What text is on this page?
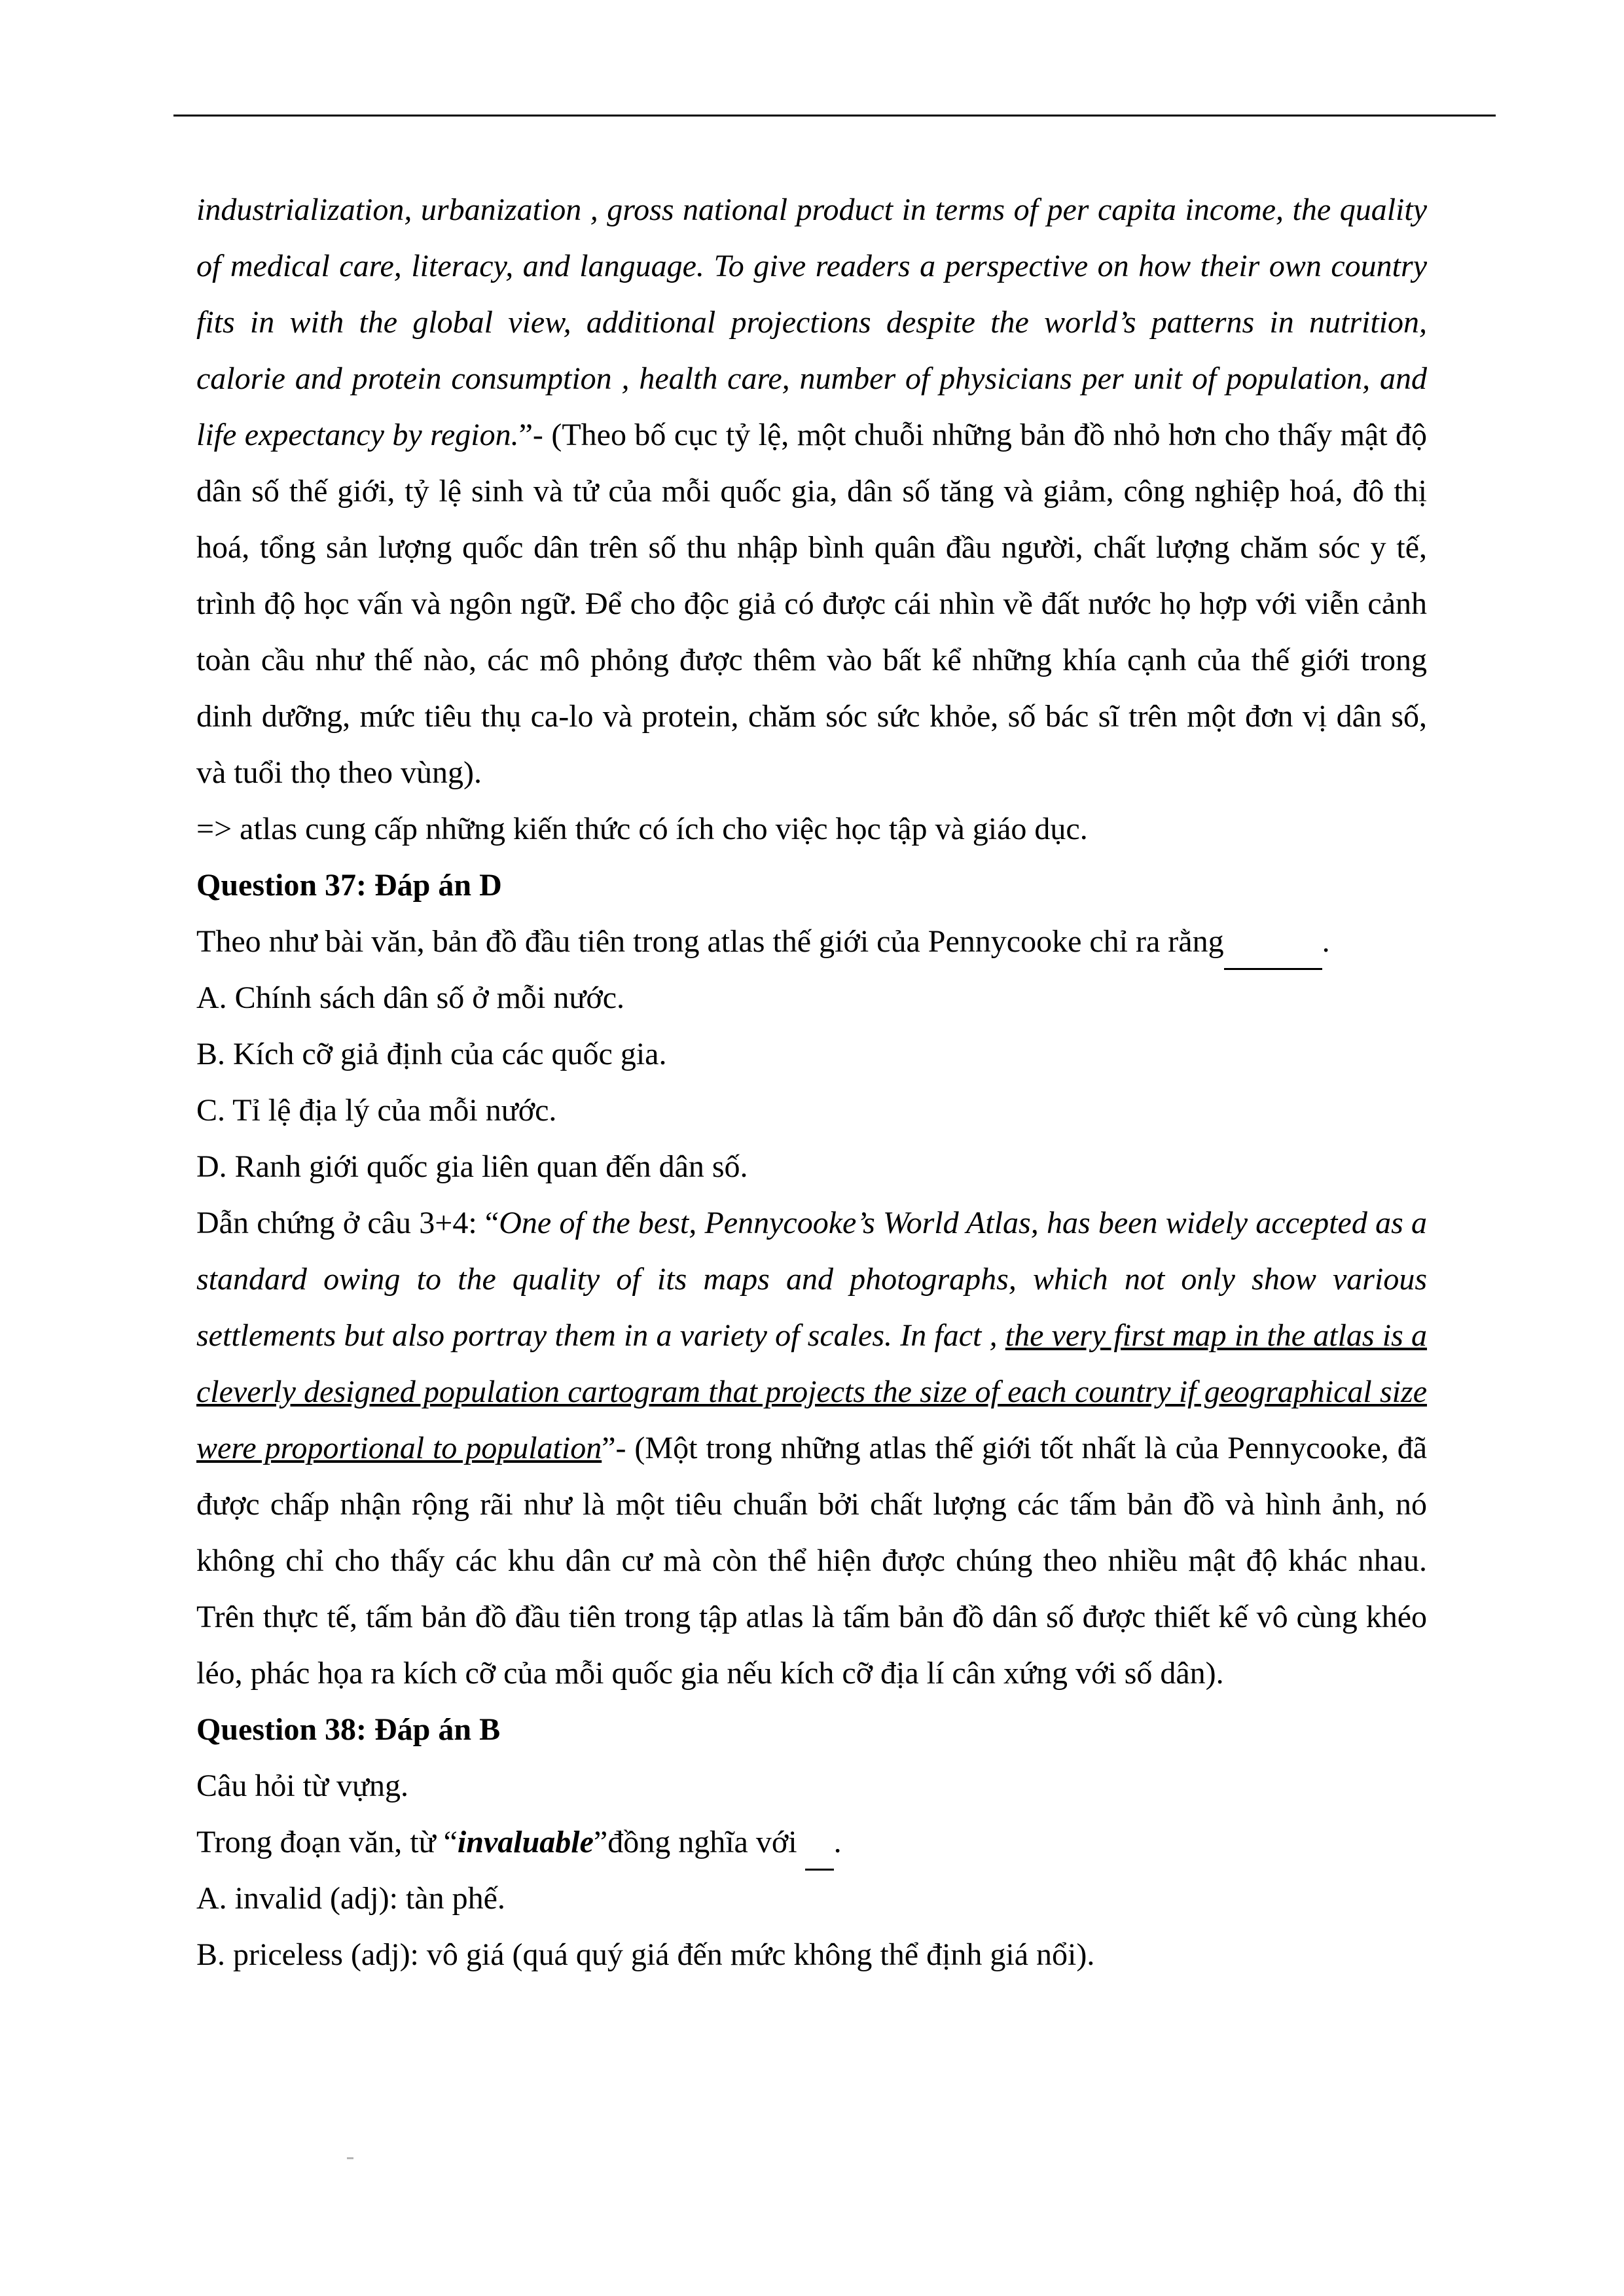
industrialization, urbanization , gross national product in terms of per capita income, the quality of medical care, literacy, and language. To give readers a perspective on how their own country fits in with the global view, additional projections despite the world’s patterns in nutrition, calorie and protein consumption , health care, number of physicians per unit of population, and life expectancy by region.”- (Theo bố cục tỷ lệ, một chuỗi những bản đồ nhỏ hơn cho thấy mật độ dân số thế giới, tỷ lệ sinh và tử của mỗi quốc gia, dân số tăng và giảm, công nghiệp hoá, đô thị hoá, tổng sản lượng quốc dân trên số thu nhập bình quân đầu người, chất lượng chăm sóc y tế, trình độ học vấn và ngôn ngữ. Để cho độc giả có được cái nhìn về đất nước họ hợp với viễn cảnh toàn cầu như thế nào, các mô phỏng được thêm vào bất kể những khía cạnh của thế giới trong dinh dưỡng, mức tiêu thụ ca-lo và protein, chăm sóc sức khỏe, số bác sĩ trên một đơn vị dân số, và tuổi thọ theo vùng).

=> atlas cung cấp những kiến thức có ích cho việc học tập và giáo dục.

Question 37: Đáp án D

Theo như bài văn, bản đồ đầu tiên trong atlas thế giới của Pennycooke chỉ ra rằng	.

A. Chính sách dân số ở mỗi nước.

B. Kích cỡ giả định của các quốc gia.

C. Tỉ lệ địa lý của mỗi nước.

D. Ranh giới quốc gia liên quan đến dân số.

Dẫn chứng ở câu 3+4: “One of the best, Pennycooke’s World Atlas, has been widely accepted as a standard owing to the quality of its maps and photographs, which not only show various settlements but also portray them in a variety of scales. In fact , the very first map in the atlas is a cleverly designed population cartogram that projects the size of each country if geographical size were proportional to population”- (Một trong những atlas thế giới tốt nhất là của Pennycooke, đã được chấp nhận rộng rãi như là một tiêu chuẩn bởi chất lượng các tấm bản đồ và hình ảnh, nó không chỉ cho thấy các khu dân cư mà còn thể hiện được chúng theo nhiều mật độ khác nhau. Trên thực tế, tấm bản đồ đầu tiên trong tập atlas là tấm bản đồ dân số được thiết kế vô cùng khéo léo, phác họa ra kích cỡ của mỗi quốc gia nếu kích cỡ địa lí cân xứng với số dân).

Question 38: Đáp án B

Câu hỏi từ vựng.

Trong đoạn văn, từ “invaluable”đồng nghĩa với .

A. invalid (adj): tàn phế.

B. priceless (adj): vô giá (quá quý giá đến mức không thể định giá nổi).
